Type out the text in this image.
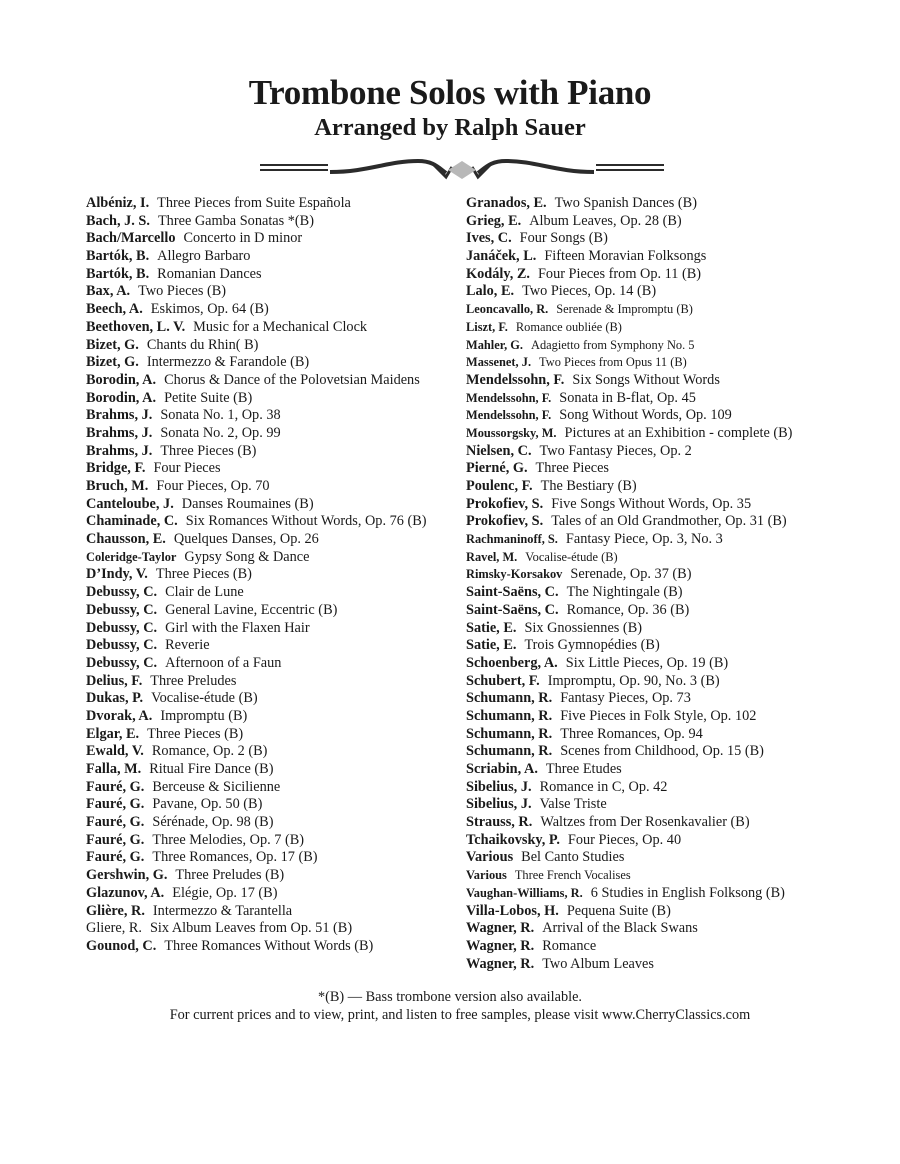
Trombone Solos with Piano
Arranged by Ralph Sauer
Albéniz, I. Three Pieces from Suite Española
Bach, J. S. Three Gamba Sonatas *(B)
Bach/Marcello Concerto in D minor
Bartók, B. Allegro Barbaro
Bartók, B. Romanian Dances
Bax, A. Two Pieces (B)
Beech, A. Eskimos, Op. 64 (B)
Beethoven, L. V. Music for a Mechanical Clock
Bizet, G. Chants du Rhin( B)
Bizet, G. Intermezzo & Farandole (B)
Borodin, A. Chorus & Dance of the Polovetsian Maidens
Borodin, A. Petite Suite (B)
Brahms, J. Sonata No. 1, Op. 38
Brahms, J. Sonata No. 2, Op. 99
Brahms, J. Three Pieces (B)
Bridge, F. Four Pieces
Bruch, M. Four Pieces, Op. 70
Canteloube, J. Danses Roumaines (B)
Chaminade, C. Six Romances Without Words, Op. 76 (B)
Chausson, E. Quelques Danses, Op. 26
Coleridge-Taylor Gypsy Song & Dance
D’Indy, V. Three Pieces (B)
Debussy, C. Clair de Lune
Debussy, C. General Lavine, Eccentric (B)
Debussy, C. Girl with the Flaxen Hair
Debussy, C. Reverie
Debussy, C. Afternoon of a Faun
Delius, F. Three Preludes
Dukas, P. Vocalise-étude (B)
Dvorak, A. Impromptu (B)
Elgar, E. Three Pieces (B)
Ewald, V. Romance, Op. 2 (B)
Falla, M. Ritual Fire Dance (B)
Fauré, G. Berceuse & Sicilienne
Fauré, G. Pavane, Op. 50 (B)
Fauré, G. Sérénade, Op. 98 (B)
Fauré, G. Three Melodies, Op. 7 (B)
Fauré, G. Three Romances, Op. 17 (B)
Gershwin, G. Three Preludes (B)
Glazunov, A. Elégie, Op. 17 (B)
Glière, R. Intermezzo & Tarantella
Gliere, R. Six Album Leaves from Op. 51 (B)
Gounod, C. Three Romances Without Words (B)
Granados, E. Two Spanish Dances (B)
Grieg, E. Album Leaves, Op. 28 (B)
Ives, C. Four Songs (B)
Janáček, L. Fifteen Moravian Folksongs
Kodály, Z. Four Pieces from Op. 11 (B)
Lalo, E. Two Pieces, Op. 14 (B)
Leoncavallo, R. Serenade & Impromptu (B)
Liszt, F. Romance oubliée (B)
Mahler, G. Adagietto from Symphony No. 5
Massenet, J. Two Pieces from Opus 11 (B)
Mendelssohn, F. Six Songs Without Words
Mendelssohn, F. Sonata in B-flat, Op. 45
Mendelssohn, F. Song Without Words, Op. 109
Moussorgsky, M. Pictures at an Exhibition - complete (B)
Nielsen, C. Two Fantasy Pieces, Op. 2
Pierné, G. Three Pieces
Poulenc, F. The Bestiary (B)
Prokofiev, S. Five Songs Without Words, Op. 35
Prokofiev, S. Tales of an Old Grandmother, Op. 31 (B)
Rachmaninoff, S. Fantasy Piece, Op. 3, No. 3
Ravel, M. Vocalise-étude (B)
Rimsky-Korsakov Serenade, Op. 37 (B)
Saint-Saëns, C. The Nightingale (B)
Saint-Saëns, C. Romance, Op. 36 (B)
Satie, E. Six Gnossiennes (B)
Satie, E. Trois Gymnopédies (B)
Schoenberg, A. Six Little Pieces, Op. 19 (B)
Schubert, F. Impromptu, Op. 90, No. 3 (B)
Schumann, R. Fantasy Pieces, Op. 73
Schumann, R. Five Pieces in Folk Style, Op. 102
Schumann, R. Three Romances, Op. 94
Schumann, R. Scenes from Childhood, Op. 15 (B)
Scriabin, A. Three Etudes
Sibelius, J. Romance in C, Op. 42
Sibelius, J. Valse Triste
Strauss, R. Waltzes from Der Rosenkavalier (B)
Tchaikovsky, P. Four Pieces, Op. 40
Various Bel Canto Studies
Various Three French Vocalises
Vaughan-Williams, R. 6 Studies in English Folksong (B)
Villa-Lobos, H. Pequena Suite (B)
Wagner, R. Arrival of the Black Swans
Wagner, R. Romance
Wagner, R. Two Album Leaves
*(B) — Bass trombone version also available.
For current prices and to view, print, and listen to free samples, please visit www.CherryClassics.com
